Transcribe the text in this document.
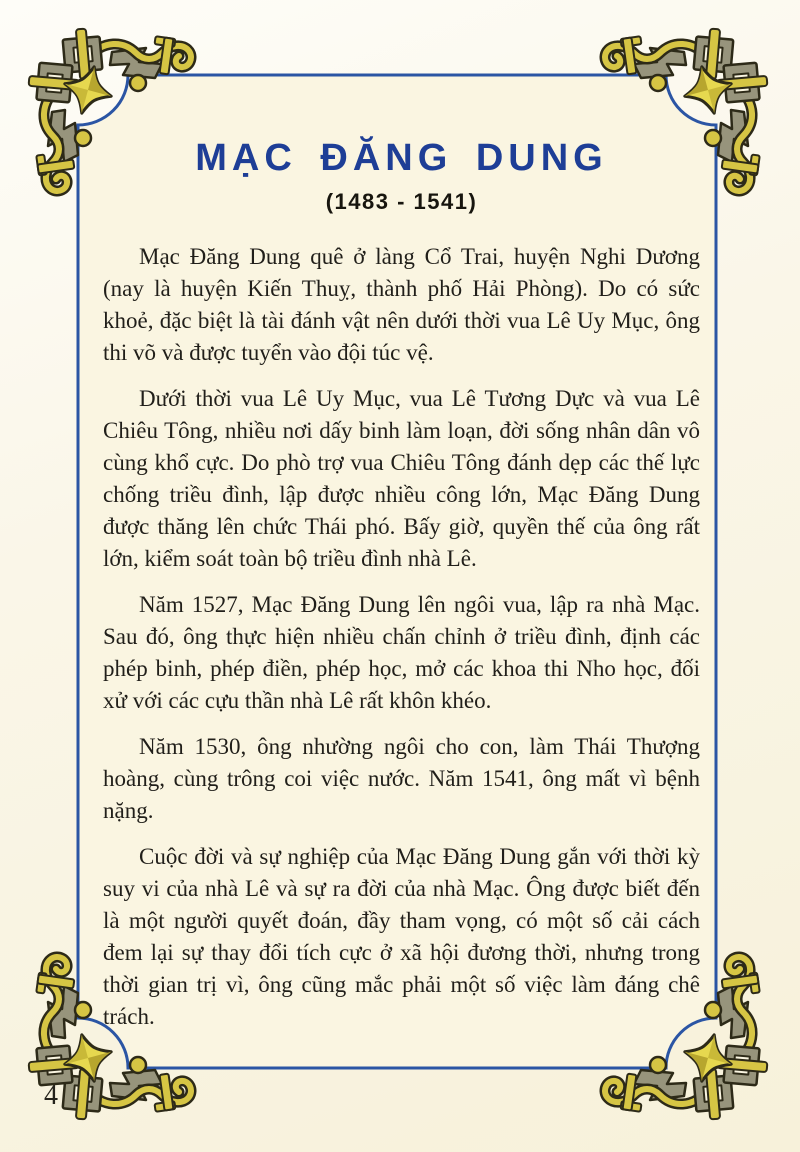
MẠC ĐĂNG DUNG
(1483 - 1541)

Mạc Đăng Dung quê ở làng Cổ Trai, huyện Nghi Dương (nay là huyện Kiến Thuỵ, thành phố Hải Phòng). Do có sức khoẻ, đặc biệt là tài đánh vật nên dưới thời vua Lê Uy Mục, ông thi võ và được tuyển vào đội túc vệ.

Dưới thời vua Lê Uy Mục, vua Lê Tương Dực và vua Lê Chiêu Tông, nhiều nơi dấy binh làm loạn, đời sống nhân dân vô cùng khổ cực. Do phò trợ vua Chiêu Tông đánh dẹp các thế lực chống triều đình, lập được nhiều công lớn, Mạc Đăng Dung được thăng lên chức Thái phó. Bấy giờ, quyền thế của ông rất lớn, kiểm soát toàn bộ triều đình nhà Lê.

Năm 1527, Mạc Đăng Dung lên ngôi vua, lập ra nhà Mạc. Sau đó, ông thực hiện nhiều chấn chỉnh ở triều đình, định các phép binh, phép điền, phép học, mở các khoa thi Nho học, đối xử với các cựu thần nhà Lê rất khôn khéo.

Năm 1530, ông nhường ngôi cho con, làm Thái Thượng hoàng, cùng trông coi việc nước. Năm 1541, ông mất vì bệnh nặng.

Cuộc đời và sự nghiệp của Mạc Đăng Dung gắn với thời kỳ suy vi của nhà Lê và sự ra đời của nhà Mạc. Ông được biết đến là một người quyết đoán, đầy tham vọng, có một số cải cách đem lại sự thay đổi tích cực ở xã hội đương thời, nhưng trong thời gian trị vì, ông cũng mắc phải một số việc làm đáng chê trách.

4
